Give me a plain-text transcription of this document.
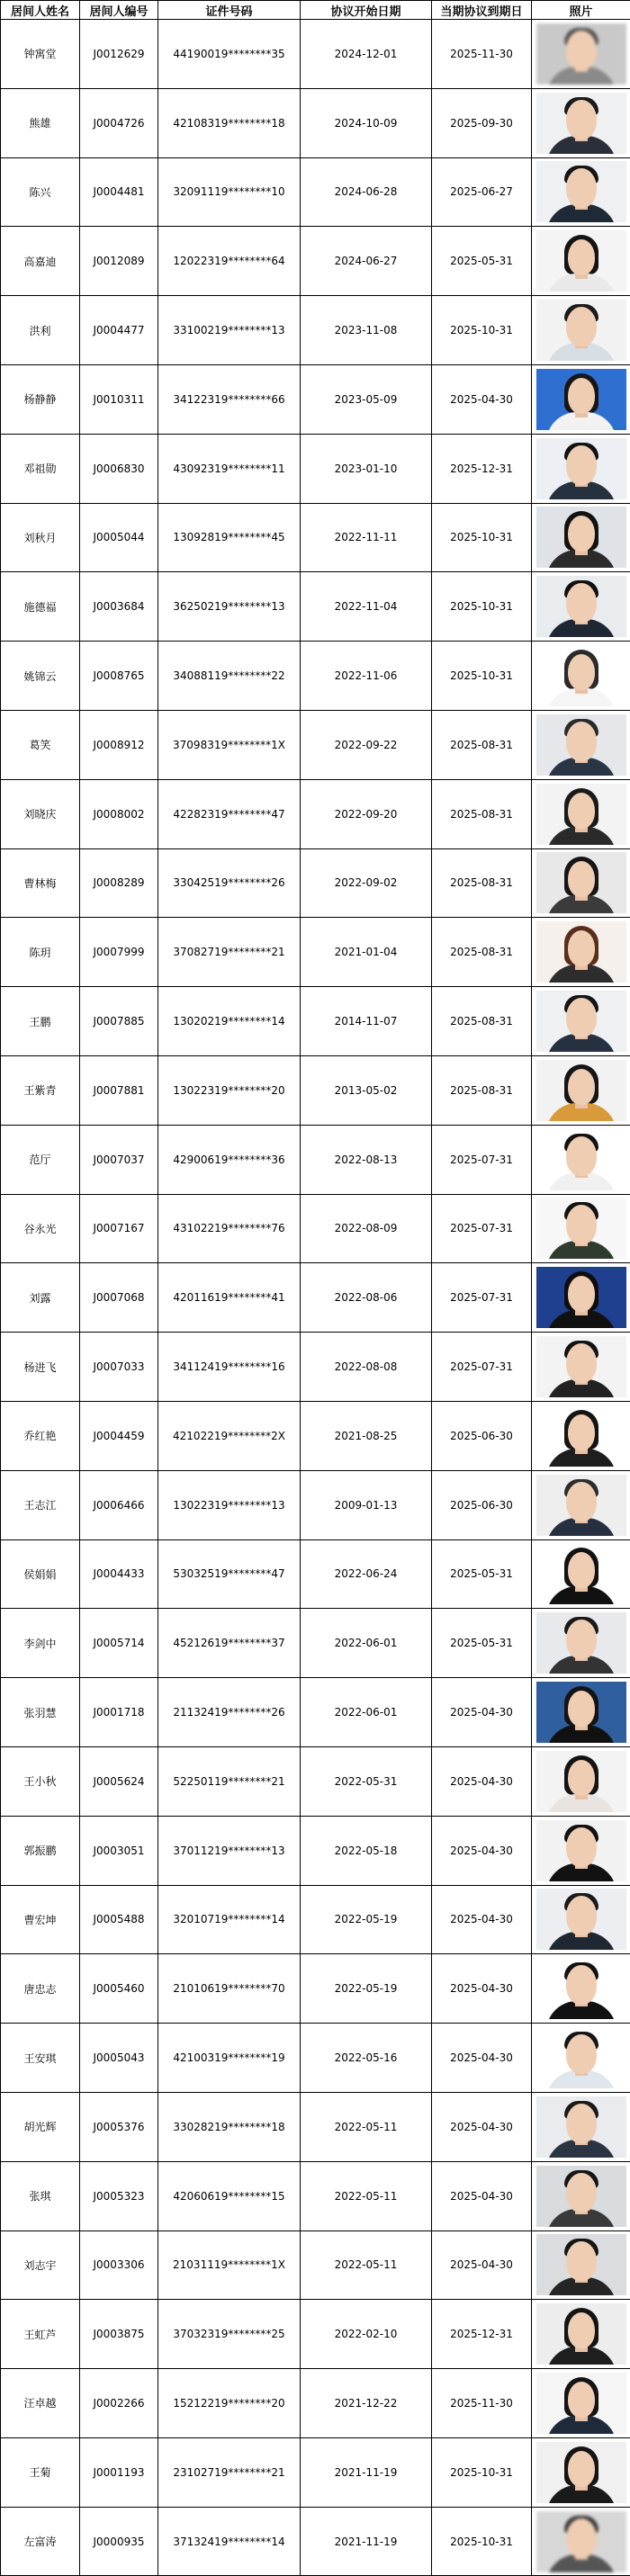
居间人姓名	居间人编号	证件号码	协议开始日期	当期协议到期日	照片
钟寓堂	J0012629	44190019********35	2024-12-01	2025-11-30	

熊雄	J0004726	42108319********18	2024-10-09	2025-09-30	

陈兴	J0004481	32091119********10	2024-06-28	2025-06-27	

高嘉迪	J0012089	12022319********64	2024-06-27	2025-05-31	

洪利	J0004477	33100219********13	2023-11-08	2025-10-31	

杨静静	J0010311	34122319********66	2023-05-09	2025-04-30	

邓祖勋	J0006830	43092319********11	2023-01-10	2025-12-31	

刘秋月	J0005044	13092819********45	2022-11-11	2025-10-31	

施德福	J0003684	36250219********13	2022-11-04	2025-10-31	

姚锦云	J0008765	34088119********22	2022-11-06	2025-10-31	

葛笑	J0008912	37098319********1X	2022-09-22	2025-08-31	

刘晓庆	J0008002	42282319********47	2022-09-20	2025-08-31	

曹林梅	J0008289	33042519********26	2022-09-02	2025-08-31	

陈玥	J0007999	37082719********21	2021-01-04	2025-08-31	

王鹏	J0007885	13020219********14	2014-11-07	2025-08-31	

王紫青	J0007881	13022319********20	2013-05-02	2025-08-31	

范厅	J0007037	42900619********36	2022-08-13	2025-07-31	

谷永光	J0007167	43102219********76	2022-08-09	2025-07-31	

刘露	J0007068	42011619********41	2022-08-06	2025-07-31	

杨进飞	J0007033	34112419********16	2022-08-08	2025-07-31	

乔红艳	J0004459	42102219********2X	2021-08-25	2025-06-30	

王志江	J0006466	13022319********13	2009-01-13	2025-06-30	

侯娟娟	J0004433	53032519********47	2022-06-24	2025-05-31	

李剑中	J0005714	45212619********37	2022-06-01	2025-05-31	

张羽慧	J0001718	21132419********26	2022-06-01	2025-04-30	

王小秋	J0005624	52250119********21	2022-05-31	2025-04-30	

郭振鹏	J0003051	37011219********13	2022-05-18	2025-04-30	

曹宏坤	J0005488	32010719********14	2022-05-19	2025-04-30	

唐忠志	J0005460	21010619********70	2022-05-19	2025-04-30	

王安琪	J0005043	42100319********19	2022-05-16	2025-04-30	

胡光辉	J0005376	33028219********18	2022-05-11	2025-04-30	

张琪	J0005323	42060619********15	2022-05-11	2025-04-30	

刘志宇	J0003306	21031119********1X	2022-05-11	2025-04-30	

王虹芦	J0003875	37032319********25	2022-02-10	2025-12-31	

汪卓越	J0002266	15212219********20	2021-12-22	2025-11-30	

王菊	J0001193	23102719********21	2021-11-19	2025-10-31	

左富涛	J0000935	37132419********14	2021-11-19	2025-10-31	
